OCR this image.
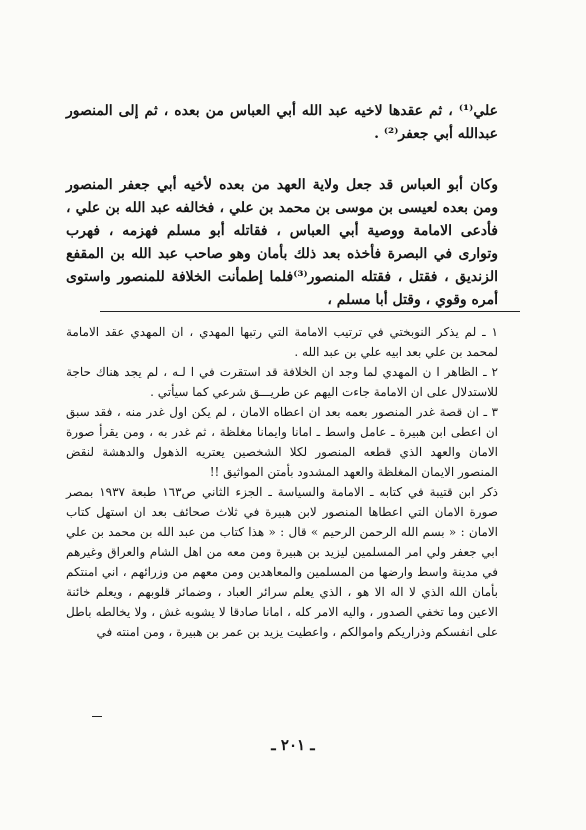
علي⁽¹⁾ ، ثم عقدها لاخيه عبد الله أبي العباس من بعده ، ثم إلى المنصور عبدالله أبي جعفر⁽²⁾ .

وكان أبو العباس قد جعل ولاية العهد من بعده لأخيه أبي جعفر المنصور ومن بعده لعيسى بن موسى بن محمد بن علي ، فخالفه عبد الله بن علي ، فأدعى الامامة ووصية أبي العباس ، فقاتله أبو مسلم فهزمه ، فهرب وتوارى في البصرة فأخذه بعد ذلك بأمان وهو صاحب عبد الله بن المقفع الزنديق ، فقتل ، فقتله المنصور⁽³⁾فلما إطمأنت الخلافة للمنصور واستوى أمره وقوي ، وقتل أبا مسلم ،

١ ـ لم يذكر النوبختي في ترتيب الامامة التي رتبها المهدي ، ان المهدي عقد الامامة لمحمد بن علي بعد ابيه علي بن عبد الله .

٢ ـ الظاهر ا ن المهدي لما وجد ان الخلافة قد استقرت في ا لـه ، لم يجد هناك حاجة للاستدلال على ان الامامة جاءت اليهم عن طريـــق شرعي كما سيأتي .

٣ ـ ان قصة غدر المنصور بعمه بعد ان اعطاه الامان ، لم يكن اول غدر منه ، فقد سبق ان اعطى ابن هبيرة ـ عامل واسط ـ امانا وايمانا مغلظة ، ثم غدر به ، ومن يقرأ صورة الامان والعهد الذي قطعه المنصور لكلا الشخصين يعتريه الذهول والدهشة لنقض المنصور الايمان المغلظة والعهد المشدود بأمتن المواثيق !!

ذكر ابن قتيبة في كتابه ـ الامامة والسياسة ـ الجزء الثاني ص١٦٣ طبعة ١٩٣٧ بمصر صورة الامان التي اعطاها المنصور لابن هبيرة في ثلاث صحائف بعد ان استهل كتاب الامان : « بسم الله الرحمن الرحيم » قال : « هذا كتاب من عبد الله بن محمد بن علي ابي جعفر ولي امر المسلمين ليزيد بن هبيرة ومن معه من اهل الشام والعراق وغيرهم في مدينة واسط وارضها من المسلمين والمعاهدين ومن معهم من وزرائهم ، اني امنتكم بأمان الله الذي لا اله الا هو ، الذي يعلم سرائر العباد ، وضمائر قلوبهم ، ويعلم خائنة الاعين وما تخفي الصدور ، واليه الامر كله ، امانا صادقا لا يشوبه غش ، ولا يخالطه باطل على انفسكم وذراريكم واموالكم ، واعطيت يزيد بن عمر بن هبيرة ، ومن امنته في

ـ ٢٠١ ـ
